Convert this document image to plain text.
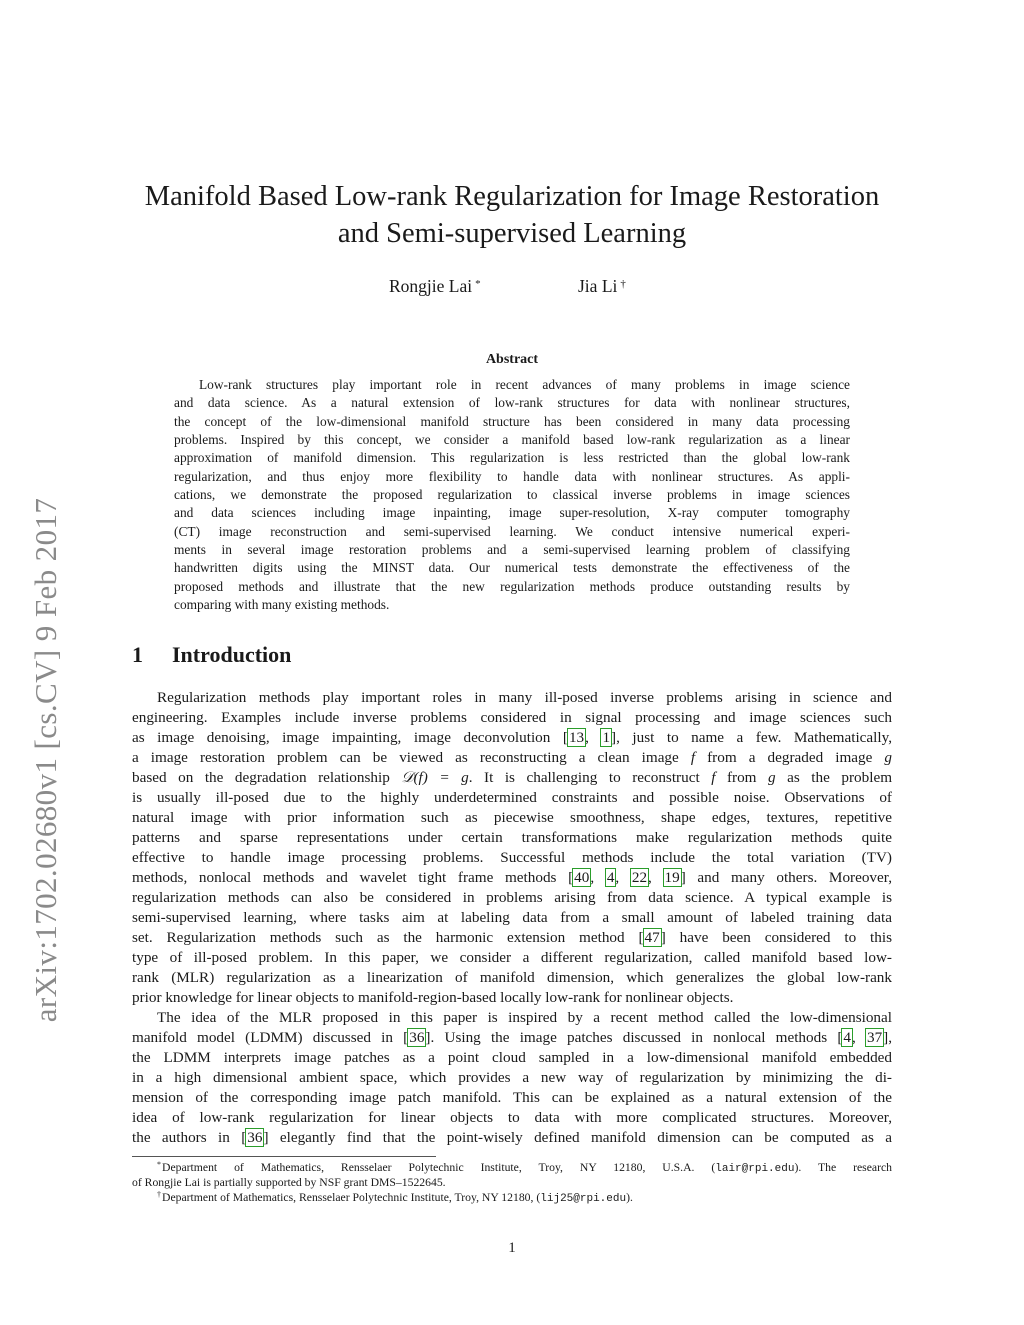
arXiv:1702.02680v1 [cs.CV] 9 Feb 2017
Manifold Based Low-rank Regularization for Image Restoration
and Semi-supervised Learning
Rongjie Lai *	Jia Li †
Abstract
Low-rank structures play important role in recent advances of many problems in image science
and data science. As a natural extension of low-rank structures for data with nonlinear structures,
the concept of the low-dimensional manifold structure has been considered in many data processing
problems. Inspired by this concept, we consider a manifold based low-rank regularization as a linear
approximation of manifold dimension. This regularization is less restricted than the global low-rank
regularization, and thus enjoy more flexibility to handle data with nonlinear structures. As appli-
cations, we demonstrate the proposed regularization to classical inverse problems in image sciences
and data sciences including image inpainting, image super-resolution, X-ray computer tomography
(CT) image reconstruction and semi-supervised learning. We conduct intensive numerical experi-
ments in several image restoration problems and a semi-supervised learning problem of classifying
handwritten digits using the MINST data. Our numerical tests demonstrate the effectiveness of the
proposed methods and illustrate that the new regularization methods produce outstanding results by
comparing with many existing methods.
1 Introduction
Regularization methods play important roles in many ill-posed inverse problems arising in science and
engineering. Examples include inverse problems considered in signal processing and image sciences such
as image denoising, image impainting, image deconvolution [13, 1], just to name a few. Mathematically,
a image restoration problem can be viewed as reconstructing a clean image f from a degraded image g
based on the degradation relationship 𝒟(f) = g. It is challenging to reconstruct f from g as the problem
is usually ill-posed due to the highly underdetermined constraints and possible noise. Observations of
natural image with prior information such as piecewise smoothness, shape edges, textures, repetitive
patterns and sparse representations under certain transformations make regularization methods quite
effective to handle image processing problems. Successful methods include the total variation (TV)
methods, nonlocal methods and wavelet tight frame methods [40, 4, 22, 19] and many others. Moreover,
regularization methods can also be considered in problems arising from data science. A typical example is
semi-supervised learning, where tasks aim at labeling data from a small amount of labeled training data
set. Regularization methods such as the harmonic extension method [47] have been considered to this
type of ill-posed problem. In this paper, we consider a different regularization, called manifold based low-
rank (MLR) regularization as a linearization of manifold dimension, which generalizes the global low-rank
prior knowledge for linear objects to manifold-region-based locally low-rank for nonlinear objects.
The idea of the MLR proposed in this paper is inspired by a recent method called the low-dimensional
manifold model (LDMM) discussed in [36]. Using the image patches discussed in nonlocal methods [4, 37],
the LDMM interprets image patches as a point cloud sampled in a low-dimensional manifold embedded
in a high dimensional ambient space, which provides a new way of regularization by minimizing the di-
mension of the corresponding image patch manifold. This can be explained as a natural extension of the
idea of low-rank regularization for linear objects to data with more complicated structures. Moreover,
the authors in [36] elegantly find that the point-wisely defined manifold dimension can be computed as a
*Department of Mathematics, Rensselaer Polytechnic Institute, Troy, NY 12180, U.S.A. (lair@rpi.edu). The research
of Rongjie Lai is partially supported by NSF grant DMS–1522645.
†Department of Mathematics, Rensselaer Polytechnic Institute, Troy, NY 12180, (lij25@rpi.edu).
1
